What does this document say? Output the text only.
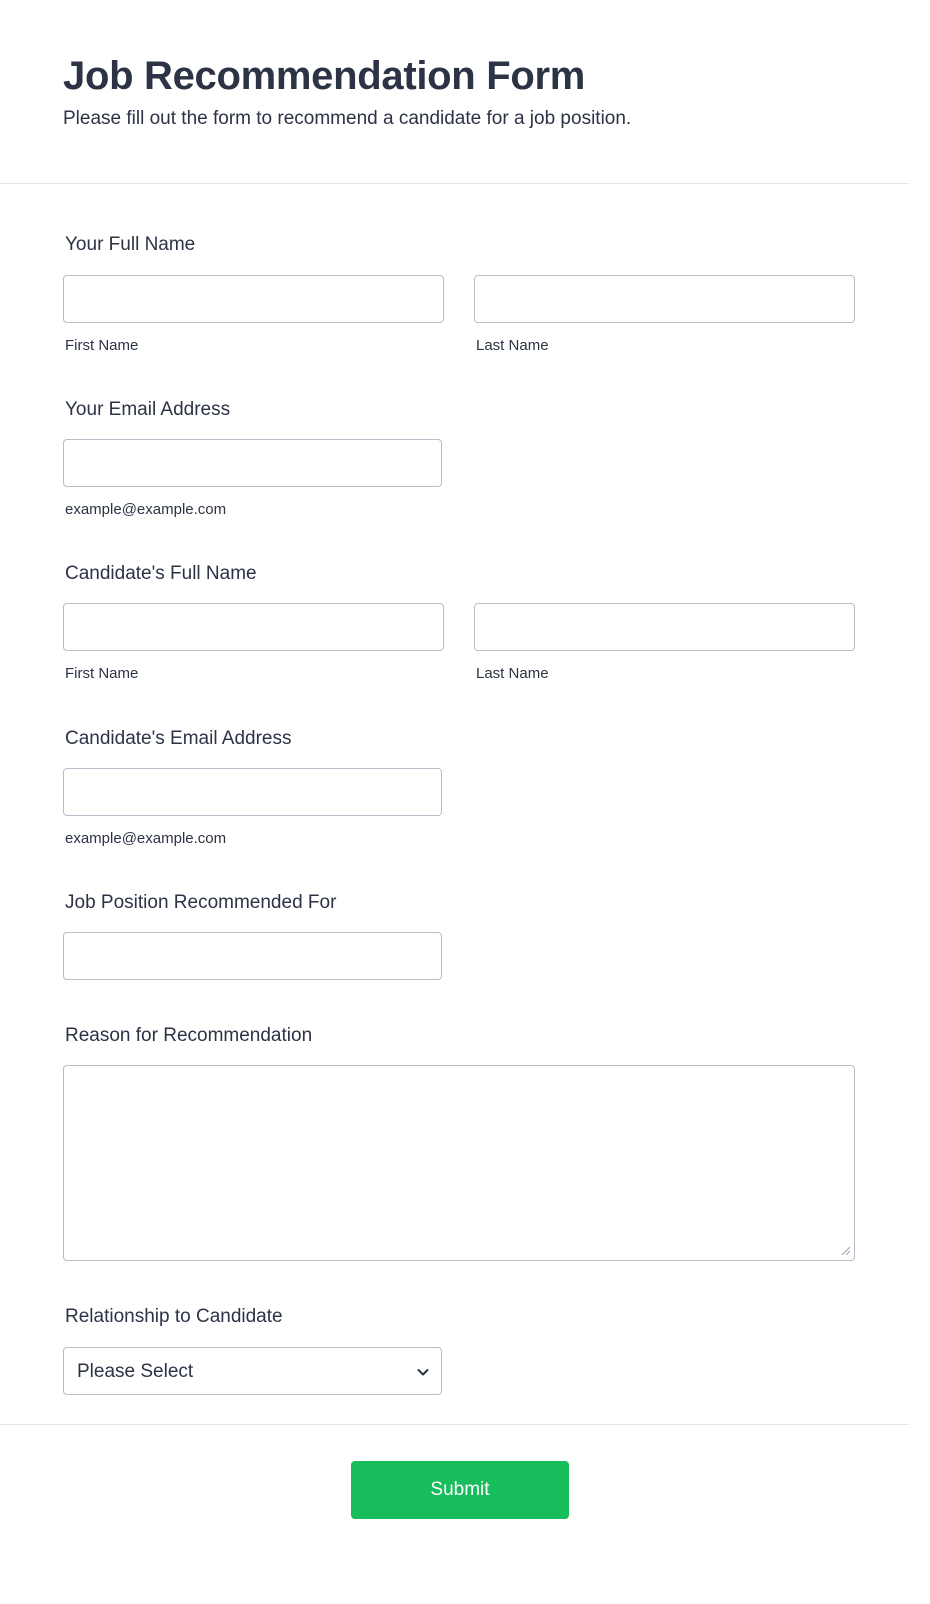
Job Recommendation Form

Please fill out the form to recommend a candidate for a job position.

Your Full Name
First Name	Last Name
Your Email Address
example@example.com
Candidate's Full Name
First Name	Last Name
Candidate's Email Address
example@example.com
Job Position Recommended For
Reason for Recommendation
Relationship to Candidate
Please Select
Submit
